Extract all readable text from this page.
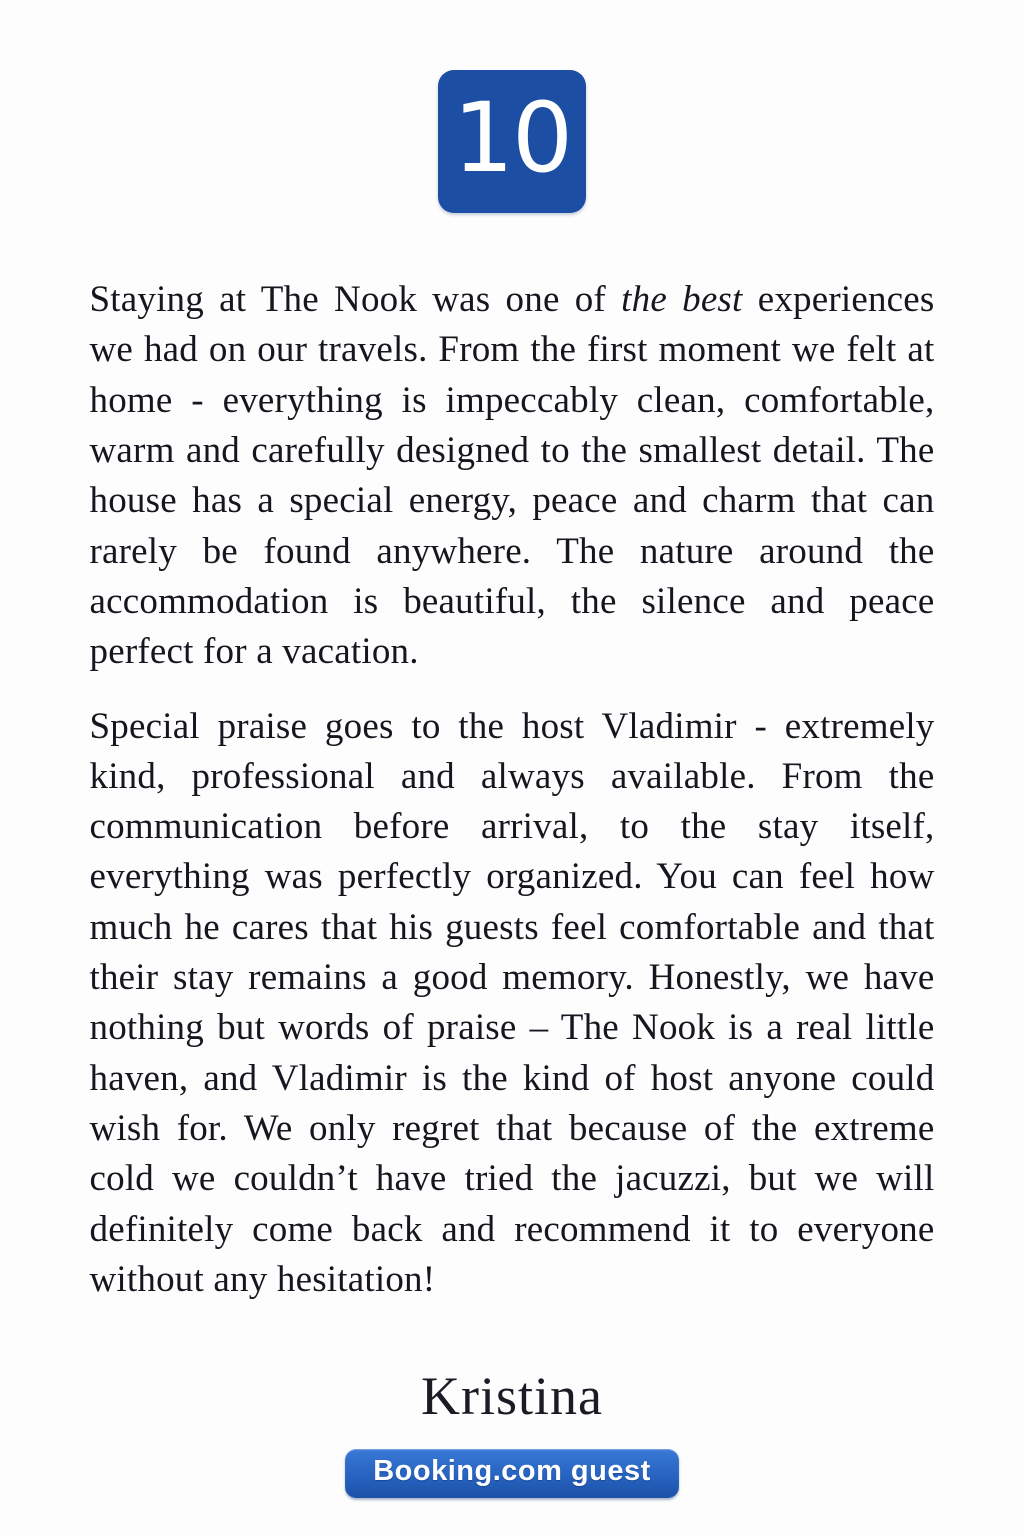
10

Staying at The Nook was one of the best experiences we had on our travels. From the first moment we felt at home - everything is impeccably clean, comfortable, warm and carefully designed to the smallest detail. The house has a special energy, peace and charm that can rarely be found anywhere. The nature around the accommodation is beautiful, the silence and peace perfect for a vacation.

Special praise goes to the host Vladimir - extremely kind, professional and always available. From the communication before arrival, to the stay itself, everything was perfectly organized. You can feel how much he cares that his guests feel comfortable and that their stay remains a good memory. Honestly, we have nothing but words of praise – The Nook is a real little haven, and Vladimir is the kind of host anyone could wish for. We only regret that because of the extreme cold we couldn’t have tried the jacuzzi, but we will definitely come back and recommend it to everyone without any hesitation!

Kristina
Booking.com guest
